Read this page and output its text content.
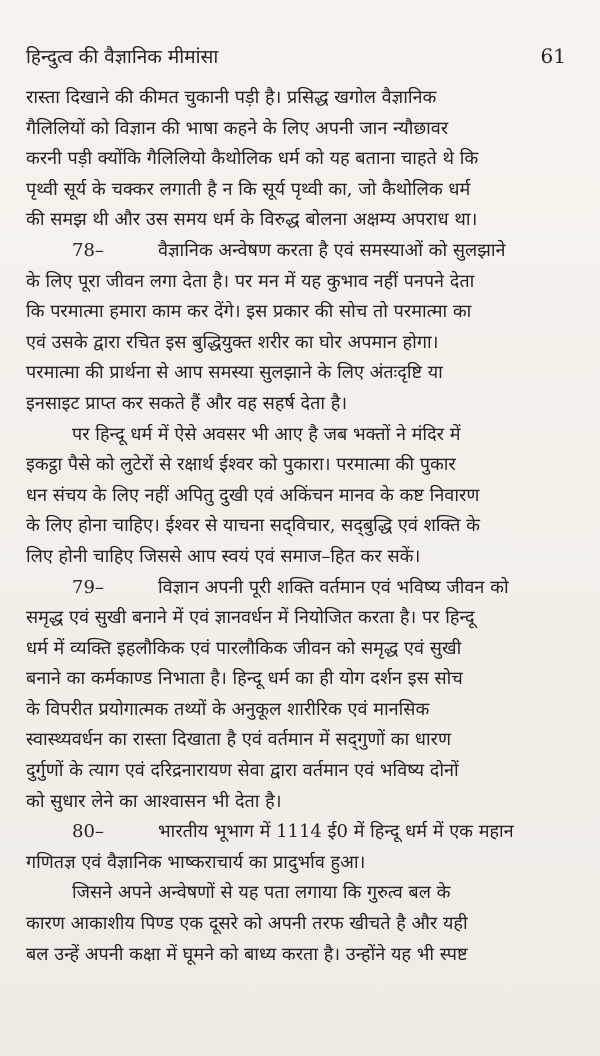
हिन्दुत्व की वैज्ञानिक मीमांसा	61

रास्ता दिखाने की कीमत चुकानी पड़ी है। प्रसिद्ध खगोल वैज्ञानिक
गैलिलियों को विज्ञान की भाषा कहने के लिए अपनी जान न्यौछावर
करनी पड़ी क्योंकि गैलिलियो कैथोलिक धर्म को यह बताना चाहते थे कि
पृथ्वी सूर्य के चक्कर लगाती है न कि सूर्य पृथ्वी का, जो कैथोलिक धर्म
की समझ थी और उस समय धर्म के विरुद्ध बोलना अक्षम्य अपराध था।

78–	वैज्ञानिक अन्वेषण करता है एवं समस्याओं को सुलझाने
के लिए पूरा जीवन लगा देता है। पर मन में यह कुभाव नहीं पनपने देता
कि परमात्मा हमारा काम कर देंगे। इस प्रकार की सोच तो परमात्मा का
एवं उसके द्वारा रचित इस बुद्धियुक्त शरीर का घोर अपमान होगा।
परमात्मा की प्रार्थना से आप समस्या सुलझाने के लिए अंतःदृष्टि या
इनसाइट प्राप्त कर सकते हैं और वह सहर्ष देता है।

पर हिन्दू धर्म में ऐसे अवसर भी आए है जब भक्तों ने मंदिर में
इकट्ठा पैसे को लुटेरों से रक्षार्थ ईश्वर को पुकारा। परमात्मा की पुकार
धन संचय के लिए नहीं अपितु दुखी एवं अकिंचन मानव के कष्ट निवारण
के लिए होना चाहिए। ईश्वर से याचना सद्‌विचार, सद्‌बुद्धि एवं शक्ति के
लिए होनी चाहिए जिससे आप स्वयं एवं समाज–हित कर सकें।

79–	विज्ञान अपनी पूरी शक्ति वर्तमान एवं भविष्य जीवन को
समृद्ध एवं सुखी बनाने में एवं ज्ञानवर्धन में नियोजित करता है। पर हिन्दू
धर्म में व्यक्ति इहलौकिक एवं पारलौकिक जीवन को समृद्ध एवं सुखी
बनाने का कर्मकाण्ड निभाता है। हिन्दू धर्म का ही योग दर्शन इस सोच
के विपरीत प्रयोगात्मक तथ्यों के अनुकूल शारीरिक एवं मानसिक
स्वास्थ्यवर्धन का रास्ता दिखाता है एवं वर्तमान में सद्‌गुणों का धारण
दुर्गुणों के त्याग एवं दरिद्रनारायण सेवा द्वारा वर्तमान एवं भविष्य दोनों
को सुधार लेने का आश्वासन भी देता है।

80–	भारतीय भूभाग में 1114 ई0 में हिन्दू धर्म में एक महान
गणितज्ञ एवं वैज्ञानिक भाष्कराचार्य का प्रादुर्भाव हुआ।

जिसने अपने अन्वेषणों से यह पता लगाया कि गुरुत्व बल के
कारण आकाशीय पिण्ड एक दूसरे को अपनी तरफ खीचते है और यही
बल उन्हें अपनी कक्षा में घूमने को बाध्य करता है। उन्होंने यह भी स्पष्ट
